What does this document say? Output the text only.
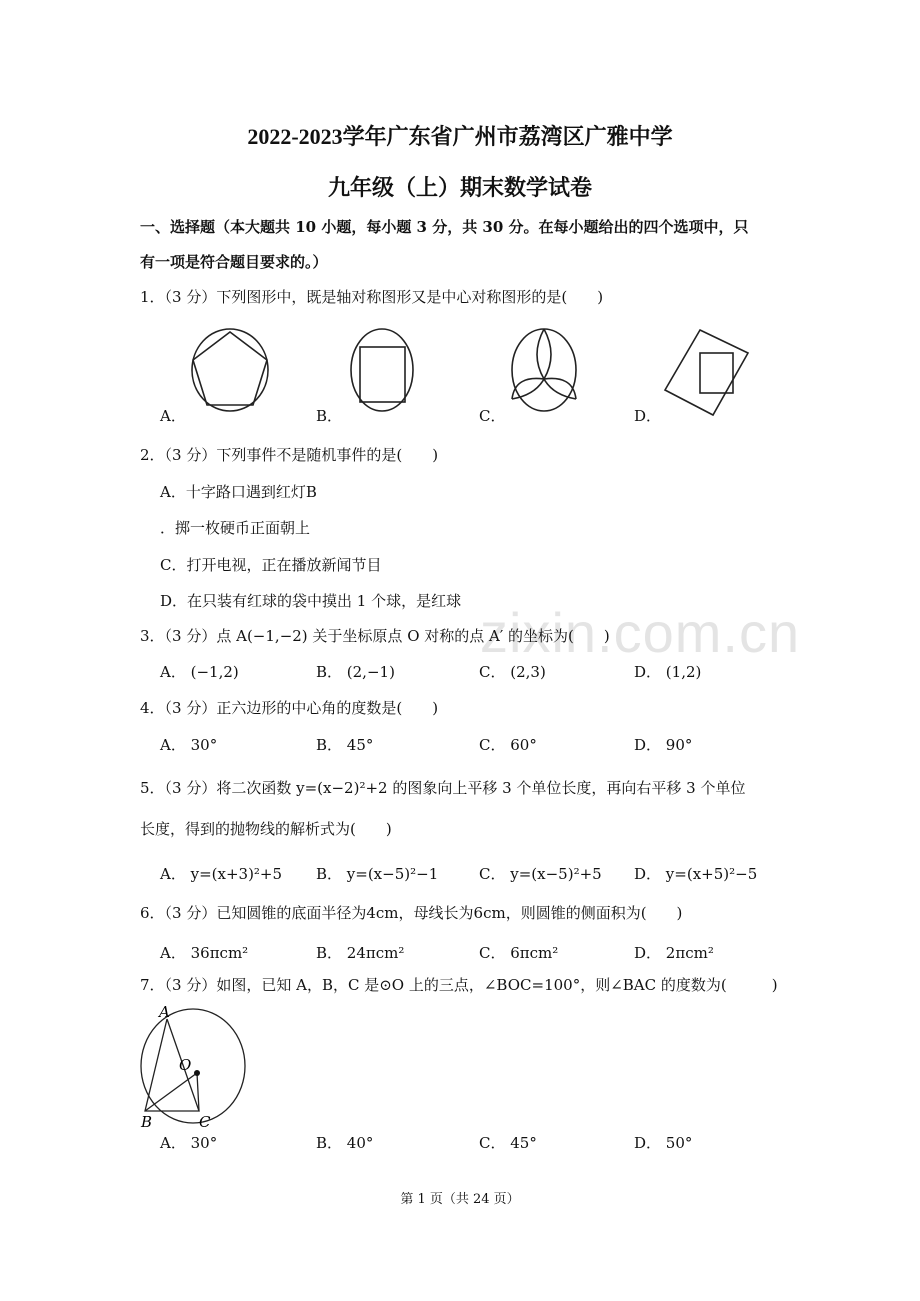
zixin.com.cn
2022-2023学年广东省广州市荔湾区广雅中学
九年级（上）期末数学试卷
一、选择题（本大题共 10 小题，每小题 3 分，共 30 分。在每小题给出的四个选项中，只
有一项是符合题目要求的。）
1．（3 分）下列图形中，既是轴对称图形又是中心对称图形的是(　　)
A．	B．	C．	D．
2．（3 分）下列事件不是随机事件的是(　　)
A．十字路口遇到红灯B
．掷一枚硬币正面朝上
C．打开电视，正在播放新闻节目
D．在只装有红球的袋中摸出 1 个球，是红球
3．（3 分）点 A(−1,−2) 关于坐标原点 O 对称的点 A′ 的坐标为(　　)
A． (−1,2)	B． (2,−1)	C． (2,3)	D． (1,2)
4．（3 分）正六边形的中心角的度数是(　　)
A． 30°	B． 45°	C． 60°	D． 90°
5．（3 分）将二次函数 y=(x−2)²+2 的图象向上平移 3 个单位长度，再向右平移 3 个单位
长度，得到的抛物线的解析式为(　　)
A． y=(x+3)²+5 B． y=(x−5)²−1	C． y=(x−5)²+5 D． y=(x+5)²−5
6．（3 分）已知圆锥的底面半径为4cm，母线长为6cm，则圆锥的侧面积为(　　)
A． 36πcm²	B． 24πcm²	C． 6πcm²	D． 2πcm²
7．（3 分）如图，已知 A，B，C 是⊙O 上的三点，∠BOC=100°，则∠BAC 的度数为(　　　)
A
O
B	C
A． 30°	B． 40°	C． 45°	D． 50°
第 1 页（共 24 页）
